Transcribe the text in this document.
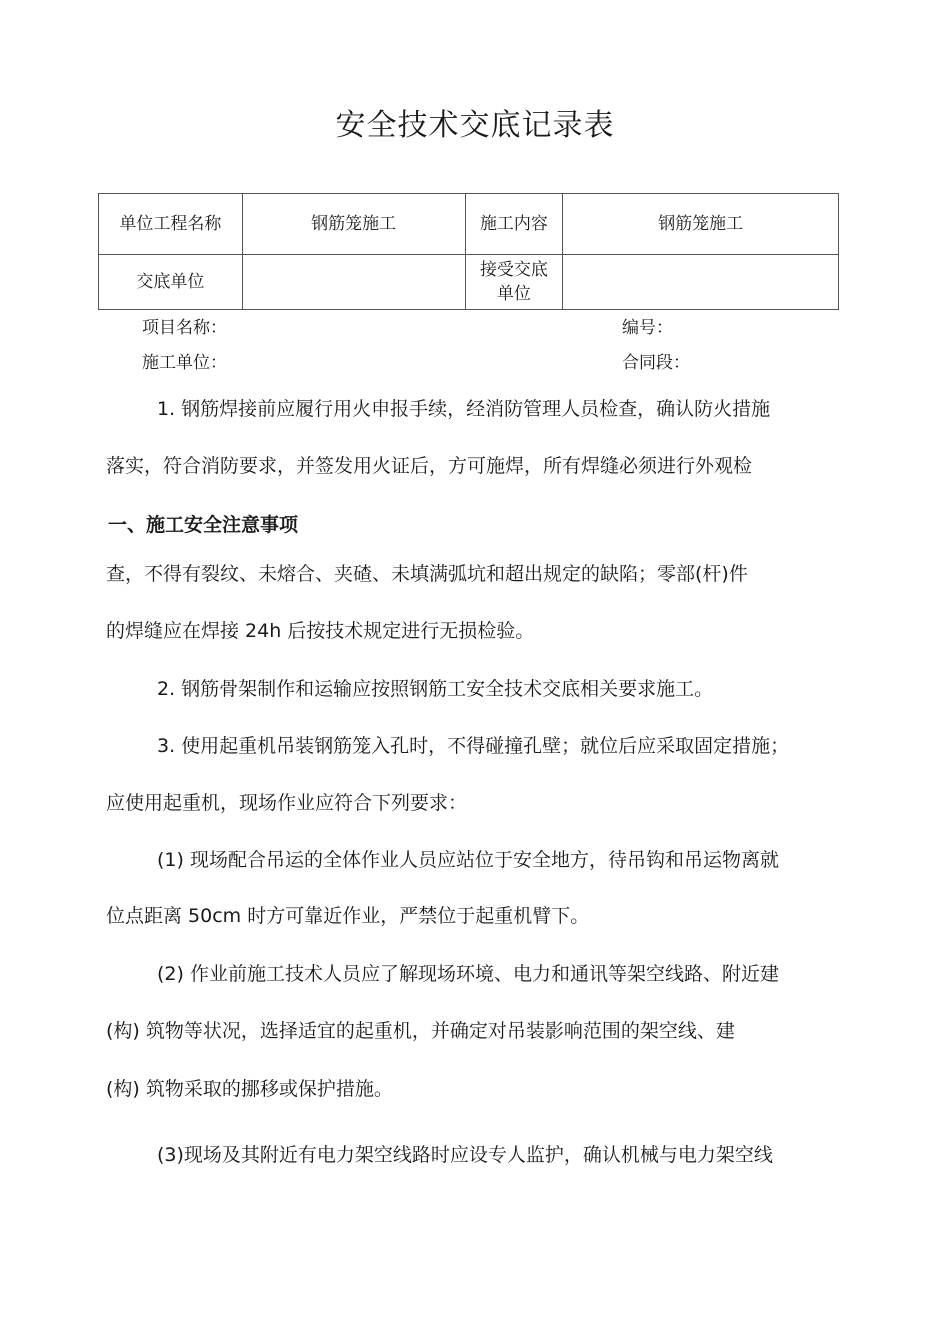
安全技术交底记录表
单位工程名称	钢筋笼施工	施工内容	钢筋笼施工
交底单位		接受交底
单位	

项目名称：	编号：
施工单位：	合同段：
1. 钢筋焊接前应履行用火申报手续，经消防管理人员检查，确认防火措施
落实，符合消防要求，并签发用火证后，方可施焊，所有焊缝必须进行外观检
一、施工安全注意事项
查，不得有裂纹、未熔合、夹碴、未填满弧坑和超出规定的缺陷；零部(杆)件
的焊缝应在焊接 24h 后按技术规定进行无损检验。
2. 钢筋骨架制作和运输应按照钢筋工安全技术交底相关要求施工。
3. 使用起重机吊装钢筋笼入孔时，不得碰撞孔壁；就位后应采取固定措施；
应使用起重机，现场作业应符合下列要求：
(1) 现场配合吊运的全体作业人员应站位于安全地方，待吊钩和吊运物离就
位点距离 50cm 时方可靠近作业，严禁位于起重机臂下。
(2) 作业前施工技术人员应了解现场环境、电力和通讯等架空线路、附近建
(构) 筑物等状况，选择适宜的起重机，并确定对吊装影响范围的架空线、建
(构) 筑物采取的挪移或保护措施。
(3)现场及其附近有电力架空线路时应设专人监护，确认机械与电力架空线
